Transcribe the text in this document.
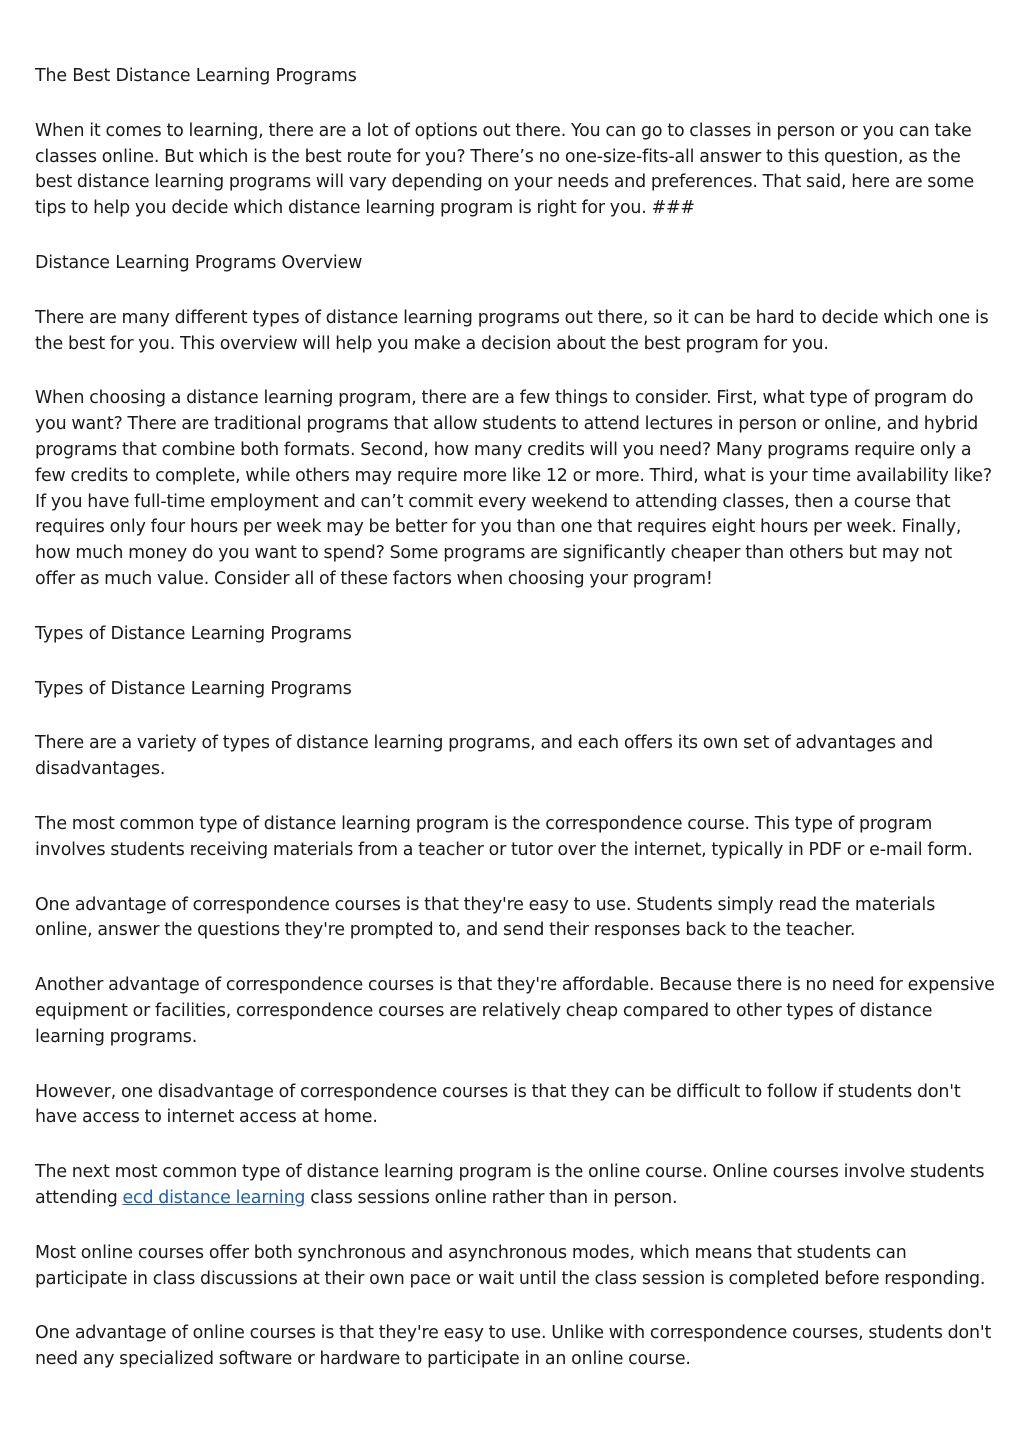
The Best Distance Learning Programs

When it comes to learning, there are a lot of options out there. You can go to classes in person or you can take classes online. But which is the best route for you? There’s no one-size-fits-all answer to this question, as the best distance learning programs will vary depending on your needs and preferences. That said, here are some tips to help you decide which distance learning program is right for you. ###

Distance Learning Programs Overview

There are many different types of distance learning programs out there, so it can be hard to decide which one is the best for you. This overview will help you make a decision about the best program for you.

When choosing a distance learning program, there are a few things to consider. First, what type of program do you want? There are traditional programs that allow students to attend lectures in person or online, and hybrid programs that combine both formats. Second, how many credits will you need? Many programs require only a few credits to complete, while others may require more like 12 or more. Third, what is your time availability like? If you have full-time employment and can’t commit every weekend to attending classes, then a course that requires only four hours per week may be better for you than one that requires eight hours per week. Finally, how much money do you want to spend? Some programs are significantly cheaper than others but may not offer as much value. Consider all of these factors when choosing your program!

Types of Distance Learning Programs

Types of Distance Learning Programs

There are a variety of types of distance learning programs, and each offers its own set of advantages and disadvantages.

The most common type of distance learning program is the correspondence course. This type of program involves students receiving materials from a teacher or tutor over the internet, typically in PDF or e-mail form.

One advantage of correspondence courses is that they're easy to use. Students simply read the materials online, answer the questions they're prompted to, and send their responses back to the teacher.

Another advantage of correspondence courses is that they're affordable. Because there is no need for expensive equipment or facilities, correspondence courses are relatively cheap compared to other types of distance learning programs.

However, one disadvantage of correspondence courses is that they can be difficult to follow if students don't have access to internet access at home.

The next most common type of distance learning program is the online course. Online courses involve students attending ecd distance learning class sessions online rather than in person.

Most online courses offer both synchronous and asynchronous modes, which means that students can participate in class discussions at their own pace or wait until the class session is completed before responding.

One advantage of online courses is that they're easy to use. Unlike with correspondence courses, students don't need any specialized software or hardware to participate in an online course.
